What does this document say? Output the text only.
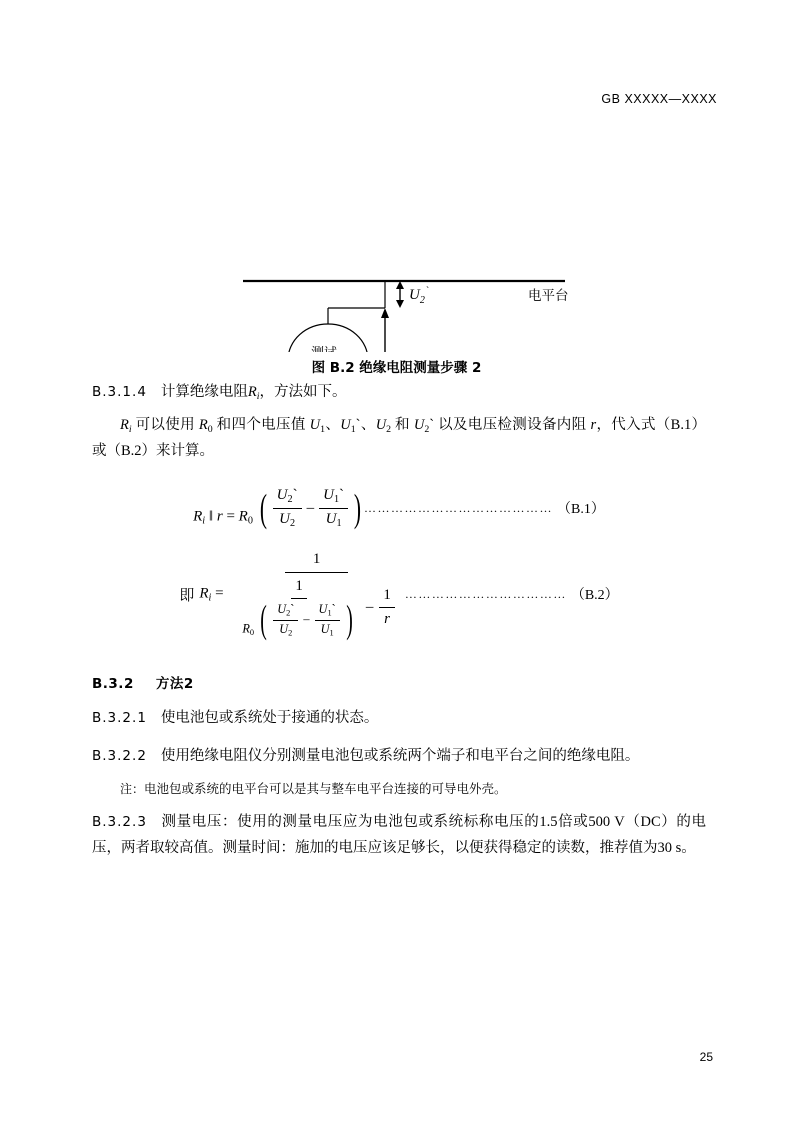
GB XXXXX—XXXX
电平台
$U_2^`$
图 B.2 绝缘电阻测量步骤 2

B.3.1.4 计算绝缘电阻$R_i$，方法如下。

$R_i$ 可以使用 $R_0$ 和四个电压值 $U_1$、$U_1`$、$U_2$ 和 $U_2`$ 以及电压检测设备内阻 r，代入式（B.1）或（B.2）来计算。

$R_i$ ‖ $r = R_0$ ( $\frac{U_2`}{U_2} - \frac{U_1`}{U_1}$ ) …………………………………… （B.1）
即 $R_i$ =
1
1
$R_0$ ( $\frac{U_2`}{U_2} - \frac{U_1`}{U_1}$ ) – $\frac{1}{r}$ ……………………………… （B.2）

B.3.2 方法2

B.3.2.1 使电池包或系统处于接通的状态。

B.3.2.2 使用绝缘电阻仪分别测量电池包或系统两个端子和电平台之间的绝缘电阻。

注：电池包或系统的电平台可以是其与整车电平台连接的可导电外壳。

B.3.2.3 测量电压：使用的测量电压应为电池包或系统标称电压的1.5倍或500 V（DC）的电压，两者取较高值。测量时间：施加的电压应该足够长，以便获得稳定的读数，推荐值为30 s。

25
